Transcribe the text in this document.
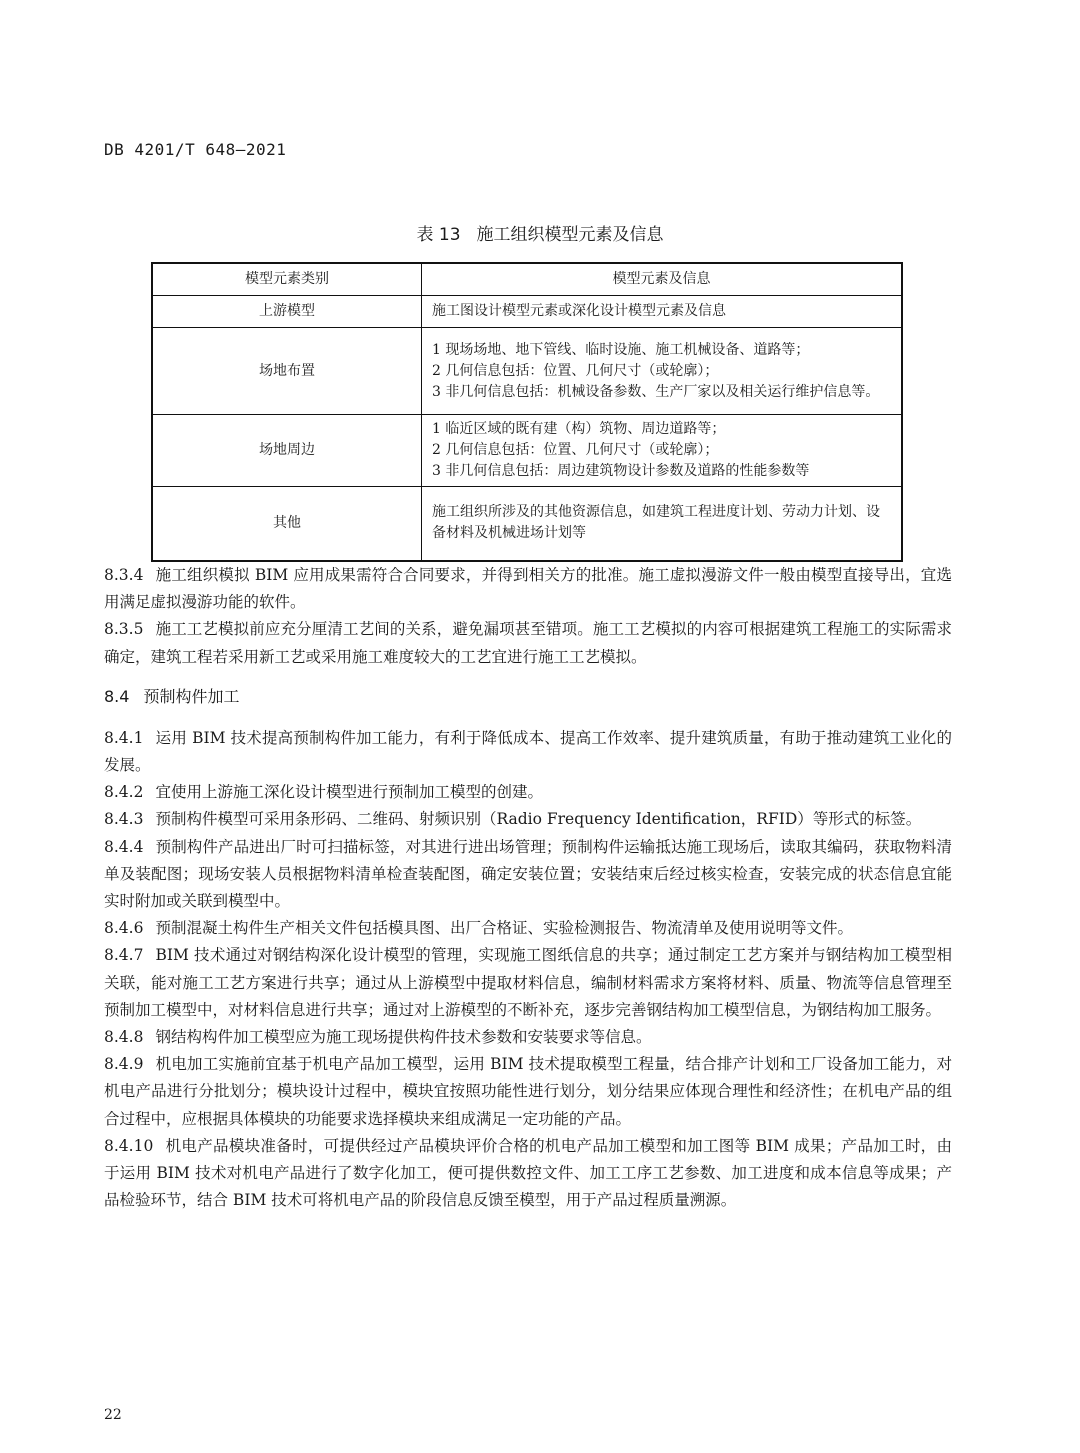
DB 4201/T 648—2021
表 13 施工组织模型元素及信息
模型元素类别	模型元素及信息
上游模型	施工图设计模型元素或深化设计模型元素及信息

场地布置	1 现场场地、地下管线、临时设施、施工机械设备、道路等；
2 几何信息包括：位置、几何尺寸（或轮廓）；
3 非几何信息包括：机械设备参数、生产厂家以及相关运行维护信息等。

场地周边	1 临近区域的既有建（构）筑物、周边道路等；
2 几何信息包括：位置、几何尺寸（或轮廓）；
3 非几何信息包括：周边建筑物设计参数及道路的性能参数等

其他	施工组织所涉及的其他资源信息，如建筑工程进度计划、劳动力计划、设备材料及机械进场计划等

8.3.4 施工组织模拟 BIM 应用成果需符合合同要求，并得到相关方的批准。施工虚拟漫游文件一般由模型直接导出，宜选用满足虚拟漫游功能的软件。

8.3.5 施工工艺模拟前应充分厘清工艺间的关系，避免漏项甚至错项。施工工艺模拟的内容可根据建筑工程施工的实际需求确定，建筑工程若采用新工艺或采用施工难度较大的工艺宜进行施工工艺模拟。

8.4 预制构件加工

8.4.1 运用 BIM 技术提高预制构件加工能力，有利于降低成本、提高工作效率、提升建筑质量，有助于推动建筑工业化的发展。

8.4.2 宜使用上游施工深化设计模型进行预制加工模型的创建。

8.4.3 预制构件模型可采用条形码、二维码、射频识别（Radio Frequency Identification，RFID）等形式的标签。

8.4.4 预制构件产品进出厂时可扫描标签，对其进行进出场管理；预制构件运输抵达施工现场后，读取其编码，获取物料清单及装配图；现场安装人员根据物料清单检查装配图，确定安装位置；安装结束后经过核实检查，安装完成的状态信息宜能实时附加或关联到模型中。

8.4.6 预制混凝土构件生产相关文件包括模具图、出厂合格证、实验检测报告、物流清单及使用说明等文件。

8.4.7 BIM 技术通过对钢结构深化设计模型的管理，实现施工图纸信息的共享；通过制定工艺方案并与钢结构加工模型相关联，能对施工工艺方案进行共享；通过从上游模型中提取材料信息，编制材料需求方案将材料、质量、物流等信息管理至预制加工模型中，对材料信息进行共享；通过对上游模型的不断补充，逐步完善钢结构加工模型信息，为钢结构加工服务。

8.4.8 钢结构构件加工模型应为施工现场提供构件技术参数和安装要求等信息。

8.4.9 机电加工实施前宜基于机电产品加工模型，运用 BIM 技术提取模型工程量，结合排产计划和工厂设备加工能力，对机电产品进行分批划分；模块设计过程中，模块宜按照功能性进行划分，划分结果应体现合理性和经济性；在机电产品的组合过程中，应根据具体模块的功能要求选择模块来组成满足一定功能的产品。

8.4.10 机电产品模块准备时，可提供经过产品模块评价合格的机电产品加工模型和加工图等 BIM 成果；产品加工时，由于运用 BIM 技术对机电产品进行了数字化加工，便可提供数控文件、加工工序工艺参数、加工进度和成本信息等成果；产品检验环节，结合 BIM 技术可将机电产品的阶段信息反馈至模型，用于产品过程质量溯源。

22
